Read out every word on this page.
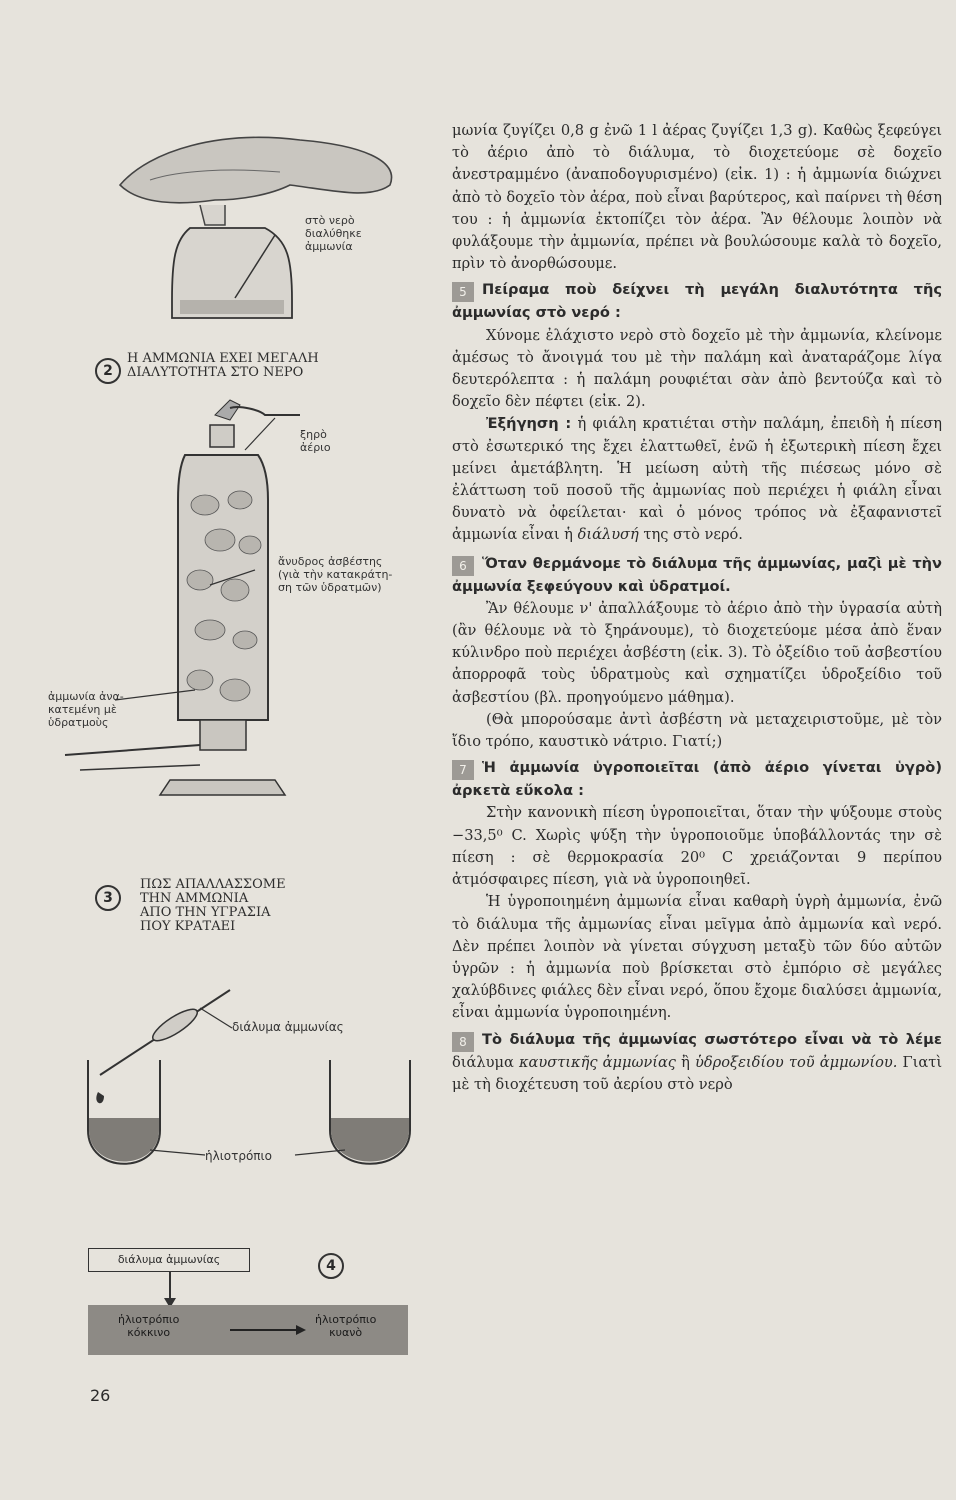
στὸ νερὸ
διαλύθηκε
ἀμμωνία
2
Η ΑΜΜΩΝΙΑ ΕΧΕΙ ΜΕΓΑΛΗ
ΔΙΑΛΥΤΟΤΗΤΑ ΣΤΟ ΝΕΡΟ
ξηρὸ
ἀέριο
ἄνυδρος ἀσβέστης
(γιὰ τὴν κατακράτη-
ση τῶν ὑδρατμῶν)
ἀμμωνία ἀνα-
κατεμένη μὲ
ὑδρατμοὺς
3
ΠΩΣ ΑΠΑΛΛΑΣΣΟΜΕ
ΤΗΝ ΑΜΜΩΝΙΑ
ΑΠΟ ΤΗΝ ΥΓΡΑΣΙΑ
ΠΟΥ ΚΡΑΤΑΕΙ
διάλυμα ἀμμωνίας
ἡλιοτρόπιο
διάλυμα ἀμμωνίας	4
ἡλιοτρόπιο
κόκκινο
ἡλιοτρόπιο
κυανὸ
26

μωνία ζυγίζει 0,8 g ἐνῶ 1 l ἀέρας ζυγίζει 1,3 g). Καθὼς ξεφεύγει τὸ ἀέριο ἀπὸ τὸ διάλυμα, τὸ διοχετεύομε σὲ δοχεῖο ἀνεστραμμένο (ἀναποδογυρισμένο) (εἰκ. 1) : ἡ ἀμμωνία διώχνει ἀπὸ τὸ δοχεῖο τὸν ἀέρα, ποὺ εἶναι βαρύτερος, καὶ παίρνει τὴ θέση του : ἡ ἀμμωνία ἐκτοπίζει τὸν ἀέρα. Ἂν θέλουμε λοιπὸν νὰ φυλάξουμε τὴν ἀμμωνία, πρέπει νὰ βουλώσουμε καλὰ τὸ δοχεῖο, πρὶν τὸ ἀνορθώσουμε.

5 Πείραμα ποὺ δείχνει τὴ μεγάλη διαλυτότητα τῆς ἀμμωνίας στὸ νερό :

Χύνομε ἐλάχιστο νερὸ στὸ δοχεῖο μὲ τὴν ἀμμωνία, κλείνομε ἀμέσως τὸ ἄνοιγμά του μὲ τὴν παλάμη καὶ ἀναταράζομε λίγα δευτερόλεπτα : ἡ παλάμη ρουφιέται σὰν ἀπὸ βεντούζα καὶ τὸ δοχεῖο δὲν πέφτει (εἰκ. 2).

Ἐξήγηση : ἡ φιάλη κρατιέται στὴν παλάμη, ἐπειδὴ ἡ πίεση στὸ ἐσωτερικό της ἔχει ἐλαττωθεῖ, ἐνῶ ἡ ἐξωτερικὴ πίεση ἔχει μείνει ἀμετάβλητη. Ἡ μείωση αὐτὴ τῆς πιέσεως μόνο σὲ ἐλάττωση τοῦ ποσοῦ τῆς ἀμμωνίας ποὺ περιέχει ἡ φιάλη εἶναι δυνατὸ νὰ ὀφείλεται· καὶ ὁ μόνος τρόπος νὰ ἐξαφανιστεῖ ἀμμωνία εἶναι ἡ διάλυσή της στὸ νερό.

6 Ὅταν θερμάνομε τὸ διάλυμα τῆς ἀμμωνίας, μαζὶ μὲ τὴν ἀμμωνία ξεφεύγουν καὶ ὑδρατμοί.

Ἂν θέλουμε ν' ἀπαλλάξουμε τὸ ἀέριο ἀπὸ τὴν ὑγρασία αὐτὴ (ἂν θέλουμε νὰ τὸ ξηράνουμε), τὸ διοχετεύομε μέσα ἀπὸ ἕναν κύλινδρο ποὺ περιέχει ἀσβέστη (εἰκ. 3). Τὸ ὀξείδιο τοῦ ἀσβεστίου ἀπορροφᾶ τοὺς ὑδρατμοὺς καὶ σχηματίζει ὑδροξείδιο τοῦ ἀσβεστίου (βλ. προηγούμενο μάθημα).

(Θὰ μπορούσαμε ἀντὶ ἀσβέστη νὰ μεταχειριστοῦμε, μὲ τὸν ἴδιο τρόπο, καυστικὸ νάτριο. Γιατί;)

7 Ἡ ἀμμωνία ὑγροποιεῖται (ἀπὸ ἀέριο γίνεται ὑγρὸ) ἀρκετὰ εὔκολα :

Στὴν κανονικὴ πίεση ὑγροποιεῖται, ὅταν τὴν ψύξουμε στοὺς −33,5⁰ C. Χωρὶς ψύξη τὴν ὑγροποιοῦμε ὑποβάλλοντάς την σὲ πίεση : σὲ θερμοκρασία 20⁰ C χρειάζονται 9 περίπου ἀτμόσφαιρες πίεση, γιὰ νὰ ὑγροποιηθεῖ.

Ἡ ὑγροποιημένη ἀμμωνία εἶναι καθαρὴ ὑγρὴ ἀμμωνία, ἐνῶ τὸ διάλυμα τῆς ἀμμωνίας εἶναι μεῖγμα ἀπὸ ἀμμωνία καὶ νερό. Δὲν πρέπει λοιπὸν νὰ γίνεται σύγχυση μεταξὺ τῶν δύο αὐτῶν ὑγρῶν : ἡ ἀμμωνία ποὺ βρίσκεται στὸ ἐμπόριο σὲ μεγάλες χαλύβδινες φιάλες δὲν εἶναι νερό, ὅπου ἔχομε διαλύσει ἀμμωνία, εἶναι ἀμμωνία ὑγροποιημένη.

8 Τὸ διάλυμα τῆς ἀμμωνίας σωστότερο εἶναι νὰ τὸ λέμε διάλυμα καυστικῆς ἀμμωνίας ἢ ὑδροξειδίου τοῦ ἀμμωνίου. Γιατὶ μὲ τὴ διοχέτευση τοῦ ἀερίου στὸ νερὸ
